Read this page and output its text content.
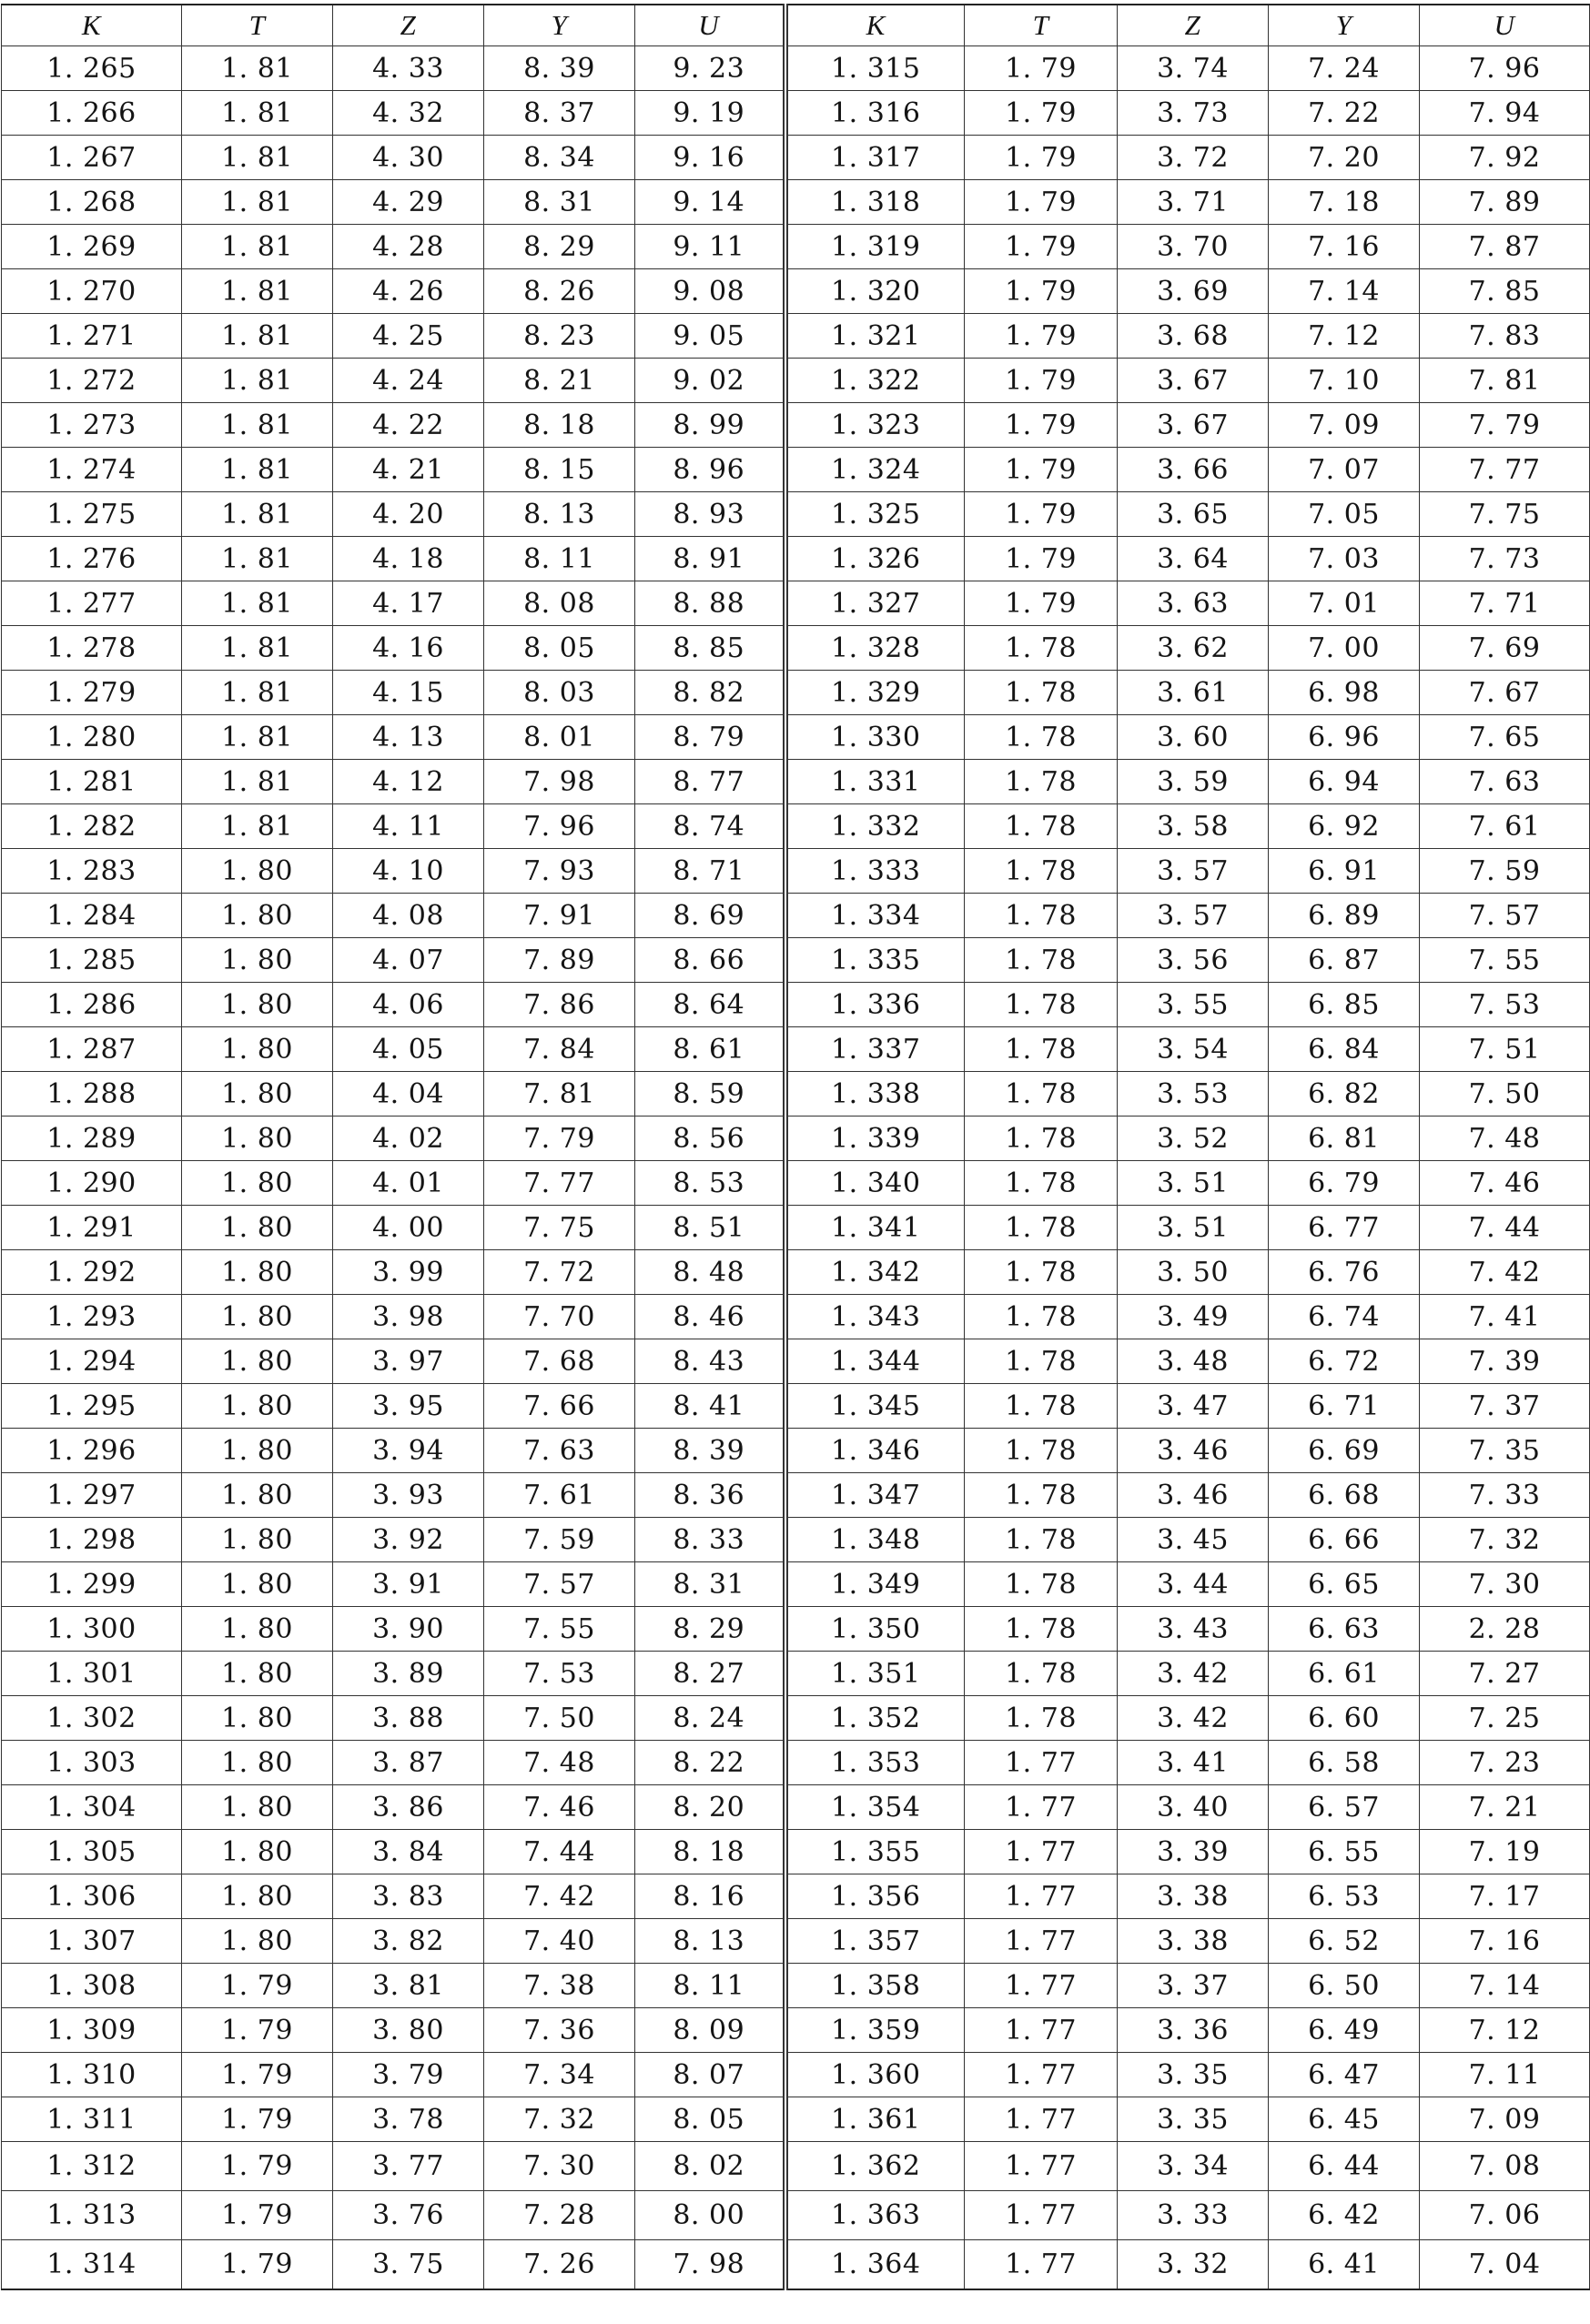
K	T	Z	Y	U	K	T	Z	Y	U
1. 265	1. 81	4. 33	8. 39	9. 23	1. 315	1. 79	3. 74	7. 24	7. 96
1. 266	1. 81	4. 32	8. 37	9. 19	1. 316	1. 79	3. 73	7. 22	7. 94
1. 267	1. 81	4. 30	8. 34	9. 16	1. 317	1. 79	3. 72	7. 20	7. 92
1. 268	1. 81	4. 29	8. 31	9. 14	1. 318	1. 79	3. 71	7. 18	7. 89
1. 269	1. 81	4. 28	8. 29	9. 11	1. 319	1. 79	3. 70	7. 16	7. 87
1. 270	1. 81	4. 26	8. 26	9. 08	1. 320	1. 79	3. 69	7. 14	7. 85
1. 271	1. 81	4. 25	8. 23	9. 05	1. 321	1. 79	3. 68	7. 12	7. 83
1. 272	1. 81	4. 24	8. 21	9. 02	1. 322	1. 79	3. 67	7. 10	7. 81
1. 273	1. 81	4. 22	8. 18	8. 99	1. 323	1. 79	3. 67	7. 09	7. 79
1. 274	1. 81	4. 21	8. 15	8. 96	1. 324	1. 79	3. 66	7. 07	7. 77
1. 275	1. 81	4. 20	8. 13	8. 93	1. 325	1. 79	3. 65	7. 05	7. 75
1. 276	1. 81	4. 18	8. 11	8. 91	1. 326	1. 79	3. 64	7. 03	7. 73
1. 277	1. 81	4. 17	8. 08	8. 88	1. 327	1. 79	3. 63	7. 01	7. 71
1. 278	1. 81	4. 16	8. 05	8. 85	1. 328	1. 78	3. 62	7. 00	7. 69
1. 279	1. 81	4. 15	8. 03	8. 82	1. 329	1. 78	3. 61	6. 98	7. 67
1. 280	1. 81	4. 13	8. 01	8. 79	1. 330	1. 78	3. 60	6. 96	7. 65
1. 281	1. 81	4. 12	7. 98	8. 77	1. 331	1. 78	3. 59	6. 94	7. 63
1. 282	1. 81	4. 11	7. 96	8. 74	1. 332	1. 78	3. 58	6. 92	7. 61
1. 283	1. 80	4. 10	7. 93	8. 71	1. 333	1. 78	3. 57	6. 91	7. 59
1. 284	1. 80	4. 08	7. 91	8. 69	1. 334	1. 78	3. 57	6. 89	7. 57
1. 285	1. 80	4. 07	7. 89	8. 66	1. 335	1. 78	3. 56	6. 87	7. 55
1. 286	1. 80	4. 06	7. 86	8. 64	1. 336	1. 78	3. 55	6. 85	7. 53
1. 287	1. 80	4. 05	7. 84	8. 61	1. 337	1. 78	3. 54	6. 84	7. 51
1. 288	1. 80	4. 04	7. 81	8. 59	1. 338	1. 78	3. 53	6. 82	7. 50
1. 289	1. 80	4. 02	7. 79	8. 56	1. 339	1. 78	3. 52	6. 81	7. 48
1. 290	1. 80	4. 01	7. 77	8. 53	1. 340	1. 78	3. 51	6. 79	7. 46
1. 291	1. 80	4. 00	7. 75	8. 51	1. 341	1. 78	3. 51	6. 77	7. 44
1. 292	1. 80	3. 99	7. 72	8. 48	1. 342	1. 78	3. 50	6. 76	7. 42
1. 293	1. 80	3. 98	7. 70	8. 46	1. 343	1. 78	3. 49	6. 74	7. 41
1. 294	1. 80	3. 97	7. 68	8. 43	1. 344	1. 78	3. 48	6. 72	7. 39
1. 295	1. 80	3. 95	7. 66	8. 41	1. 345	1. 78	3. 47	6. 71	7. 37
1. 296	1. 80	3. 94	7. 63	8. 39	1. 346	1. 78	3. 46	6. 69	7. 35
1. 297	1. 80	3. 93	7. 61	8. 36	1. 347	1. 78	3. 46	6. 68	7. 33
1. 298	1. 80	3. 92	7. 59	8. 33	1. 348	1. 78	3. 45	6. 66	7. 32
1. 299	1. 80	3. 91	7. 57	8. 31	1. 349	1. 78	3. 44	6. 65	7. 30
1. 300	1. 80	3. 90	7. 55	8. 29	1. 350	1. 78	3. 43	6. 63	2. 28
1. 301	1. 80	3. 89	7. 53	8. 27	1. 351	1. 78	3. 42	6. 61	7. 27
1. 302	1. 80	3. 88	7. 50	8. 24	1. 352	1. 78	3. 42	6. 60	7. 25
1. 303	1. 80	3. 87	7. 48	8. 22	1. 353	1. 77	3. 41	6. 58	7. 23
1. 304	1. 80	3. 86	7. 46	8. 20	1. 354	1. 77	3. 40	6. 57	7. 21
1. 305	1. 80	3. 84	7. 44	8. 18	1. 355	1. 77	3. 39	6. 55	7. 19
1. 306	1. 80	3. 83	7. 42	8. 16	1. 356	1. 77	3. 38	6. 53	7. 17
1. 307	1. 80	3. 82	7. 40	8. 13	1. 357	1. 77	3. 38	6. 52	7. 16
1. 308	1. 79	3. 81	7. 38	8. 11	1. 358	1. 77	3. 37	6. 50	7. 14
1. 309	1. 79	3. 80	7. 36	8. 09	1. 359	1. 77	3. 36	6. 49	7. 12
1. 310	1. 79	3. 79	7. 34	8. 07	1. 360	1. 77	3. 35	6. 47	7. 11
1. 311	1. 79	3. 78	7. 32	8. 05	1. 361	1. 77	3. 35	6. 45	7. 09
1. 312	1. 79	3. 77	7. 30	8. 02	1. 362	1. 77	3. 34	6. 44	7. 08
1. 313	1. 79	3. 76	7. 28	8. 00	1. 363	1. 77	3. 33	6. 42	7. 06
1. 314	1. 79	3. 75	7. 26	7. 98	1. 364	1. 77	3. 32	6. 41	7. 04
